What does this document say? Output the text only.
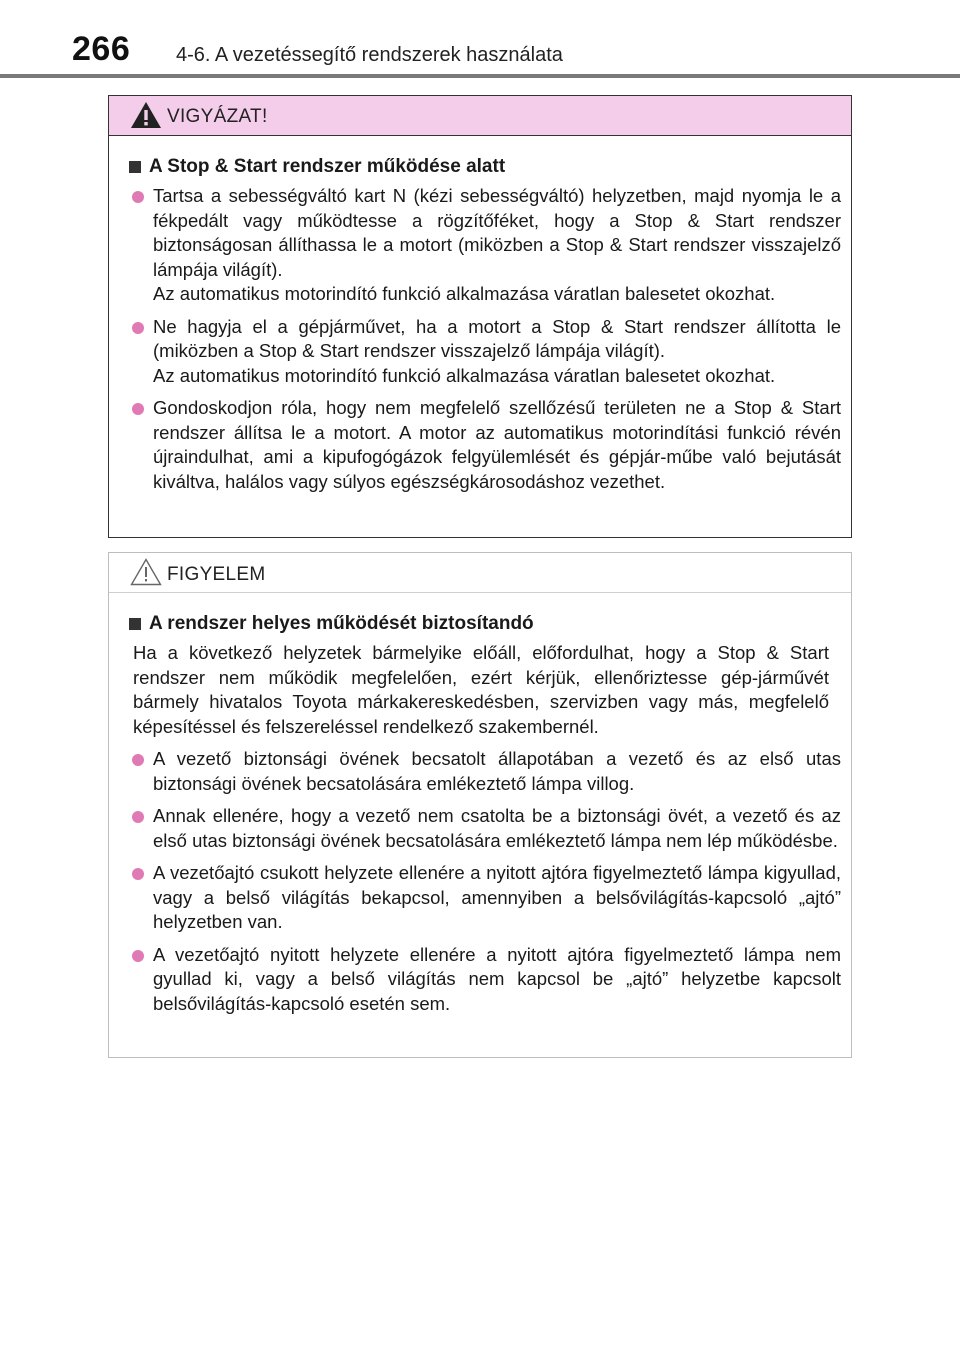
266 4-6. A vezetéssegítő rendszerek használata
VIGYÁZAT!
A Stop & Start rendszer működése alatt

Tartsa a sebességváltó kart N (kézi sebességváltó) helyzetben, majd nyomja le a fékpedált vagy működtesse a rögzítőféket, hogy a Stop & Start rendszer biztonságosan állíthassa le a motort (miközben a Stop & Start rendszer visszajelző lámpája világít).

Az automatikus motorindító funkció alkalmazása váratlan balesetet okozhat.

Ne hagyja el a gépjárművet, ha a motort a Stop & Start rendszer állította le (miközben a Stop & Start rendszer visszajelző lámpája világít).

Az automatikus motorindító funkció alkalmazása váratlan balesetet okozhat.

Gondoskodjon róla, hogy nem megfelelő szellőzésű területen ne a Stop & Start rendszer állítsa le a motort. A motor az automatikus motorindítási funkció révén újraindulhat, ami a kipufogógázok felgyülemlését és gépjár-műbe való bejutását kiváltva, halálos vagy súlyos egészségkárosodáshoz vezethet.

FIGYELEM
A rendszer helyes működését biztosítandó

Ha a következő helyzetek bármelyike előáll, előfordulhat, hogy a Stop & Start rendszer nem működik megfelelően, ezért kérjük, ellenőriztesse gép-járművét bármely hivatalos Toyota márkakereskedésben, szervizben vagy más, megfelelő képesítéssel és felszereléssel rendelkező szakembernél.

A vezető biztonsági övének becsatolt állapotában a vezető és az első utas biztonsági övének becsatolására emlékeztető lámpa villog.

Annak ellenére, hogy a vezető nem csatolta be a biztonsági övét, a vezető és az első utas biztonsági övének becsatolására emlékeztető lámpa nem lép működésbe.

A vezetőajtó csukott helyzete ellenére a nyitott ajtóra figyelmeztető lámpa kigyullad, vagy a belső világítás bekapcsol, amennyiben a belsővilágítás-kapcsoló „ajtó” helyzetben van.

A vezetőajtó nyitott helyzete ellenére a nyitott ajtóra figyelmeztető lámpa nem gyullad ki, vagy a belső világítás nem kapcsol be „ajtó” helyzetbe kapcsolt belsővilágítás-kapcsoló esetén sem.
